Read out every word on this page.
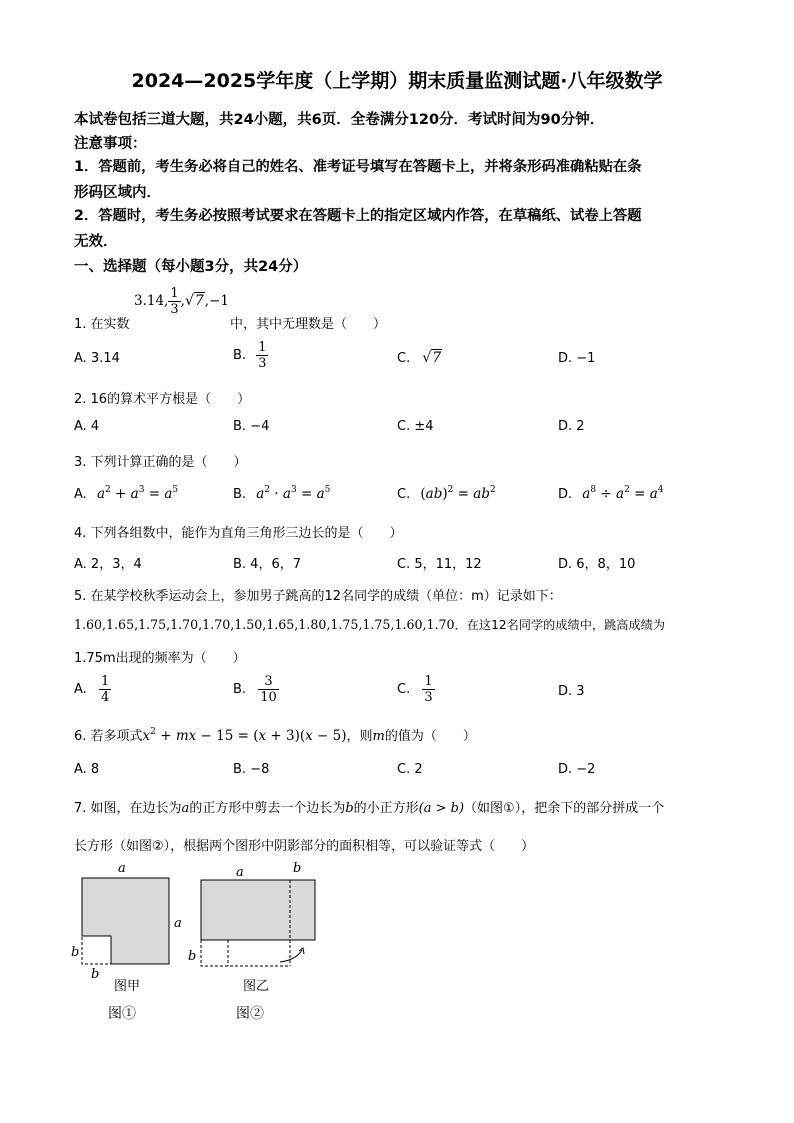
2024—2025学年度（上学期）期末质量监测试题·八年级数学
本试卷包括三道大题，共24小题，共6页．全卷满分120分．考试时间为90分钟．
注意事项：
1．答题前，考生务必将自己的姓名、准考证号填写在答题卡上，并将条形码准确粘贴在条
形码区域内．
2．答题时，考生务必按照考试要求在答题卡上的指定区域内作答，在草稿纸、试卷上答题
无效．
一、选择题（每小题3分，共24分）
3.14, $\frac{1}{3} ,√7,-1$
1. 在实数	中，其中无理数是（　　）
A. 3.14	B. $\frac{1}{3}$	C. √7	D. −1
2. 16的算术平方根是（　　）
A. 4	B. −4	C. ±4	D. 2
3. 下列计算正确的是（　　）
A. $a^2 + a^3 = a^5$	B. $a^2 \cdot a^3 = a^5$	C. $(ab)^2 = ab^2$	D. $a^8 \div a^2 = a^4$
4. 下列各组数中，能作为直角三角形三边长的是（　　）
A. 2，3，4	B. 4，6，7	C. 5，11，12	D. 6，8，10
5. 在某学校秋季运动会上，参加男子跳高的12名同学的成绩（单位：m）记录如下：
1.60,1.65,1.75,1.70,1.70,1.50,1.65,1.80,1.75,1.75,1.60,1.70．在这12名同学的成绩中，跳高成绩为
1.75m出现的频率为（　　）
A. $\frac{1}{4}$	B. $\frac{3}{10}$	C. $\frac{1}{3}$	D. 3
6. 若多项式$x^2$ + mx − 15 = (x + 3)(x − 5)，则m的值为（　　）
A. 8	B. −8	C. 2	D. −2
7. 如图，在边长为a的正方形中剪去一个边长为b的小正方形(a > b)（如图①），把余下的部分拼成一个
长方形（如图②），根据两个图形中阴影部分的面积相等，可以验证等式（　　）
a
a
b
b
图甲
图①
a	b
b
图乙
图②
